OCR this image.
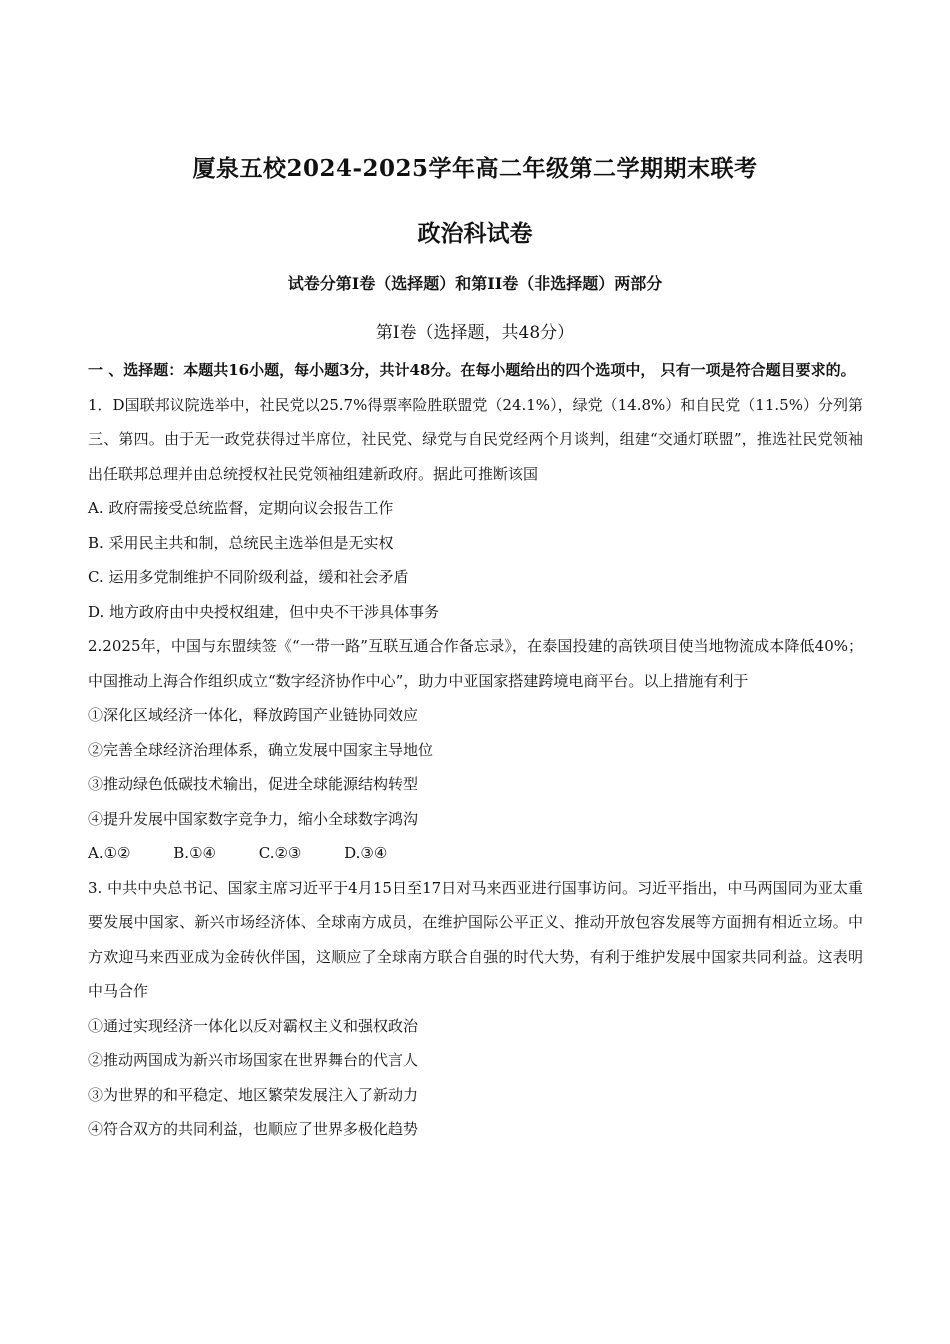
厦泉五校2024-2025学年高二年级第二学期期末联考
政治科试卷
试卷分第Ⅰ卷（选择题）和第II卷（非选择题）两部分
第Ⅰ卷（选择题，共48分）

一 、选择题：本题共16小题，每小题3分，共计48分。在每小题给出的四个选项中， 只有一项是符合题目要求的。

1．D国联邦议院选举中，社民党以25.7%得票率险胜联盟党（24.1%），绿党（14.8%）和自民党（11.5%）分列第三、第四。由于无一政党获得过半席位，社民党、绿党与自民党经两个月谈判，组建“交通灯联盟”，推选社民党领袖出任联邦总理并由总统授权社民党领袖组建新政府。据此可推断该国

A. 政府需接受总统监督，定期向议会报告工作

B. 采用民主共和制，总统民主选举但是无实权

C. 运用多党制维护不同阶级利益，缓和社会矛盾

D. 地方政府由中央授权组建，但中央不干涉具体事务

2.2025年，中国与东盟续签《“一带一路”互联互通合作备忘录》，在泰国投建的高铁项目使当地物流成本降低40%；中国推动上海合作组织成立“数字经济协作中心”，助力中亚国家搭建跨境电商平台。以上措施有利于

①深化区域经济一体化，释放跨国产业链协同效应

②完善全球经济治理体系，确立发展中国家主导地位

③推动绿色低碳技术输出，促进全球能源结构转型

④提升发展中国家数字竞争力，缩小全球数字鸿沟

A.①②	B.①④	C.②③	D.③④

3. 中共中央总书记、国家主席习近平于4月15日至17日对马来西亚进行国事访问。习近平指出，中马两国同为亚太重要发展中国家、新兴市场经济体、全球南方成员，在维护国际公平正义、推动开放包容发展等方面拥有相近立场。中方欢迎马来西亚成为金砖伙伴国，这顺应了全球南方联合自强的时代大势，有利于维护发展中国家共同利益。这表明中马合作

①通过实现经济一体化以反对霸权主义和强权政治

②推动两国成为新兴市场国家在世界舞台的代言人

③为世界的和平稳定、地区繁荣发展注入了新动力

④符合双方的共同利益，也顺应了世界多极化趋势
